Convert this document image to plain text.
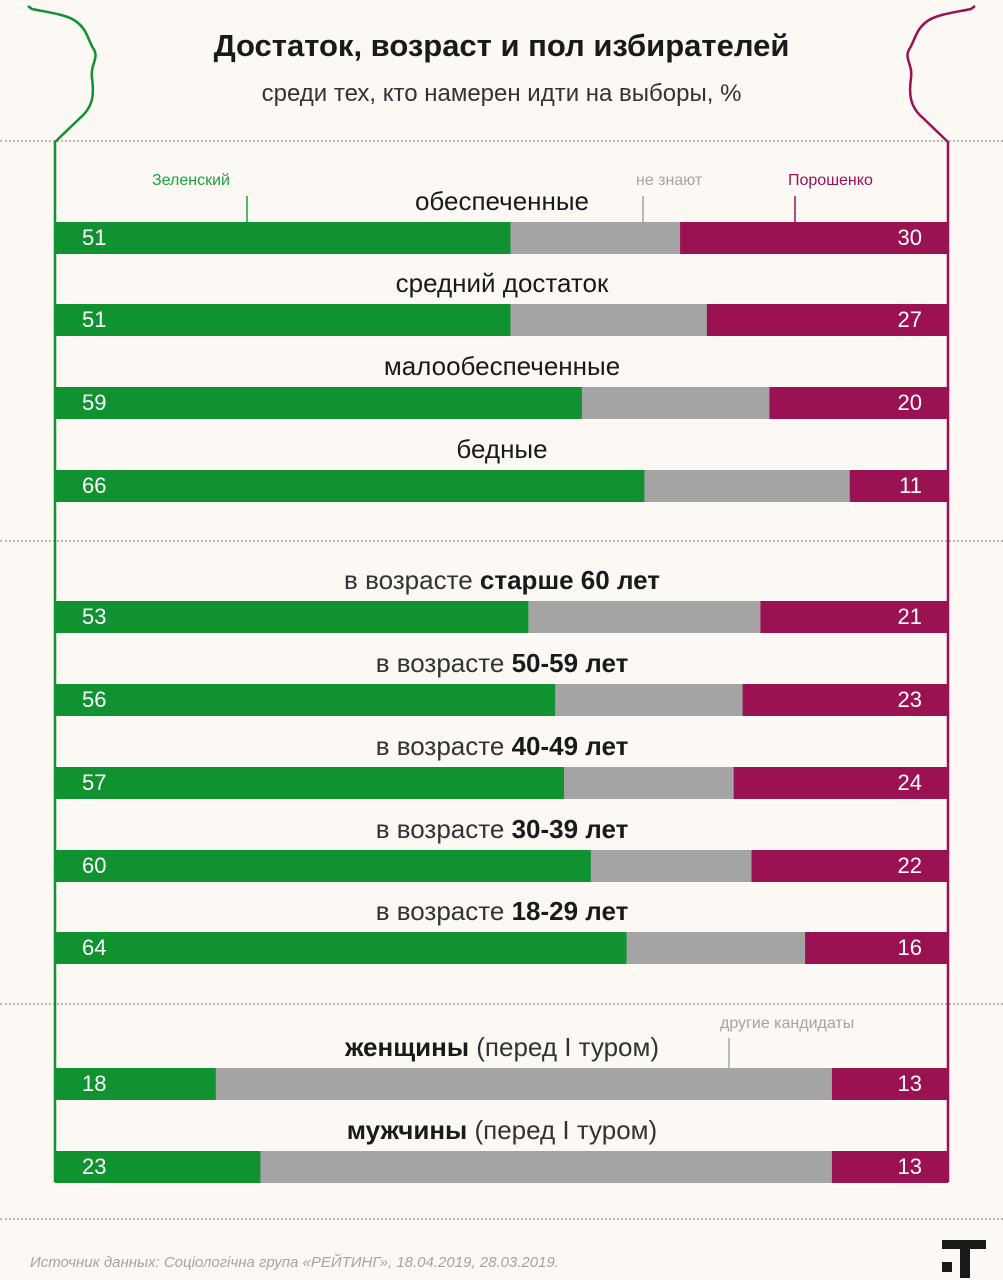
Достаток, возраст и пол избирателей
среди тех, кто намерен идти на выборы, %
Зеленский	не знают	Порошенко
другие кандидаты
51	30
обеспеченные
51	27
средний достаток
59	20
малообеспеченные
66	11
бедные
53	21
в возрасте старше 60 лет
56	23
в возрасте 50-59 лет
57	24
в возрасте 40-49 лет
60	22
в возрасте 30-39 лет
64	16
в возрасте 18-29 лет
18	13
женщины (перед I туром)
23	13
мужчины (перед I туром)
Источник данных: Соціологічна група «РЕЙТИНГ», 18.04.2019, 28.03.2019.
